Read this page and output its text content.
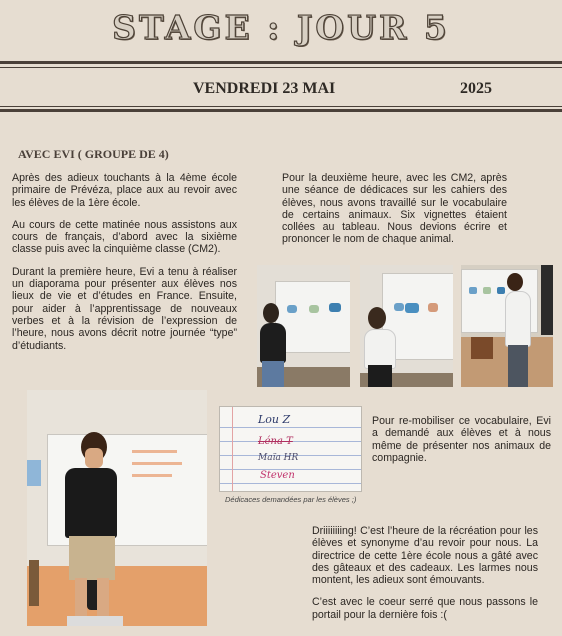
STAGE : JOUR 5
VENDREDI 23 MAI	2025
AVEC EVI ( GROUPE DE 4)

Après des adieux touchants à la 4ème école primaire de Prévéza, place aux au revoir avec les élèves de la 1ère école.

Au cours de cette matinée nous assistons aux cours de français, d’abord avec la sixième classe puis avec la cinquième classe (CM2).

Durant la première heure, Evi a tenu à réaliser un diaporama pour présenter aux élèves nos lieux de vie et d’études en France. Ensuite, pour aider à l’apprentissage de nouveaux verbes et à la révision de l’expression de l’heure, nous avons décrit notre journée “type” d’étudiants.

Pour la deuxième heure, avec les CM2, après une séance de dédicaces sur les cahiers des élèves, nous avons travaillé sur le vocabulaire de certains animaux. Six vignettes étaient collées au tableau. Nous devions écrire et prononcer le nom de chaque animal.

Lou Z
Léna T
Maïa HR
Steven
Dédicaces demandées par les élèves ;)
Pour re-mobiliser ce vocabulaire, Evi a demandé aux élèves et à nous même de présenter nos animaux de compagnie.

Driiiiiiiing! C’est l’heure de la récréation pour les élèves et synonyme d’au revoir pour nous. La directrice de cette 1ère école nous a gâté avec des gâteaux et des cadeaux. Les larmes nous montent, les adieux sont émouvants.

C’est avec le coeur serré que nous passons le portail pour la dernière fois :(
